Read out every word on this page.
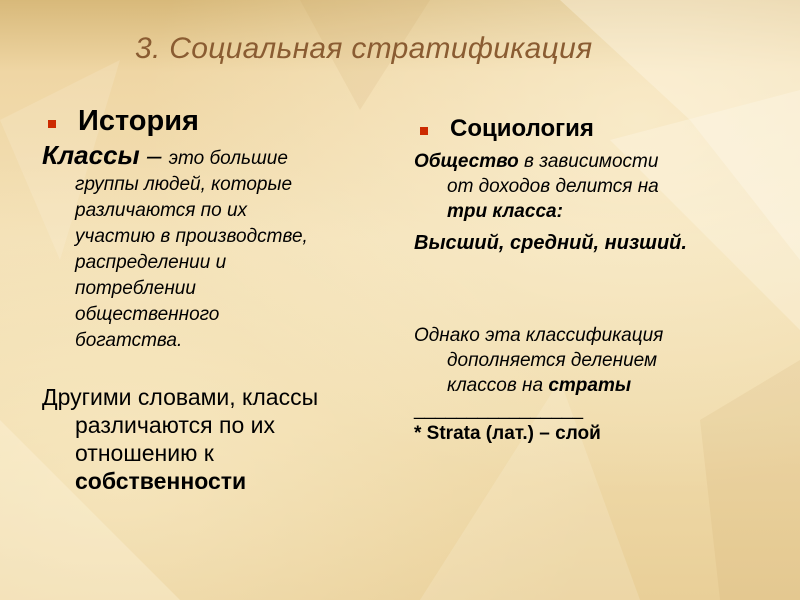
3. Социальная стратификация
История

Классы – это большие
группы людей, которые
различаются по их
участию в производстве,
распределении и
потреблении
общественного
богатства.

Другими словами, классы
различаются по их
отношению к
собственности

Социология

Общество в зависимости
от доходов делится на
три класса:

Высший, средний, низший.

Однако эта классификация
дополняется делением
классов на страты

________________

* Strata (лат.) – слой
